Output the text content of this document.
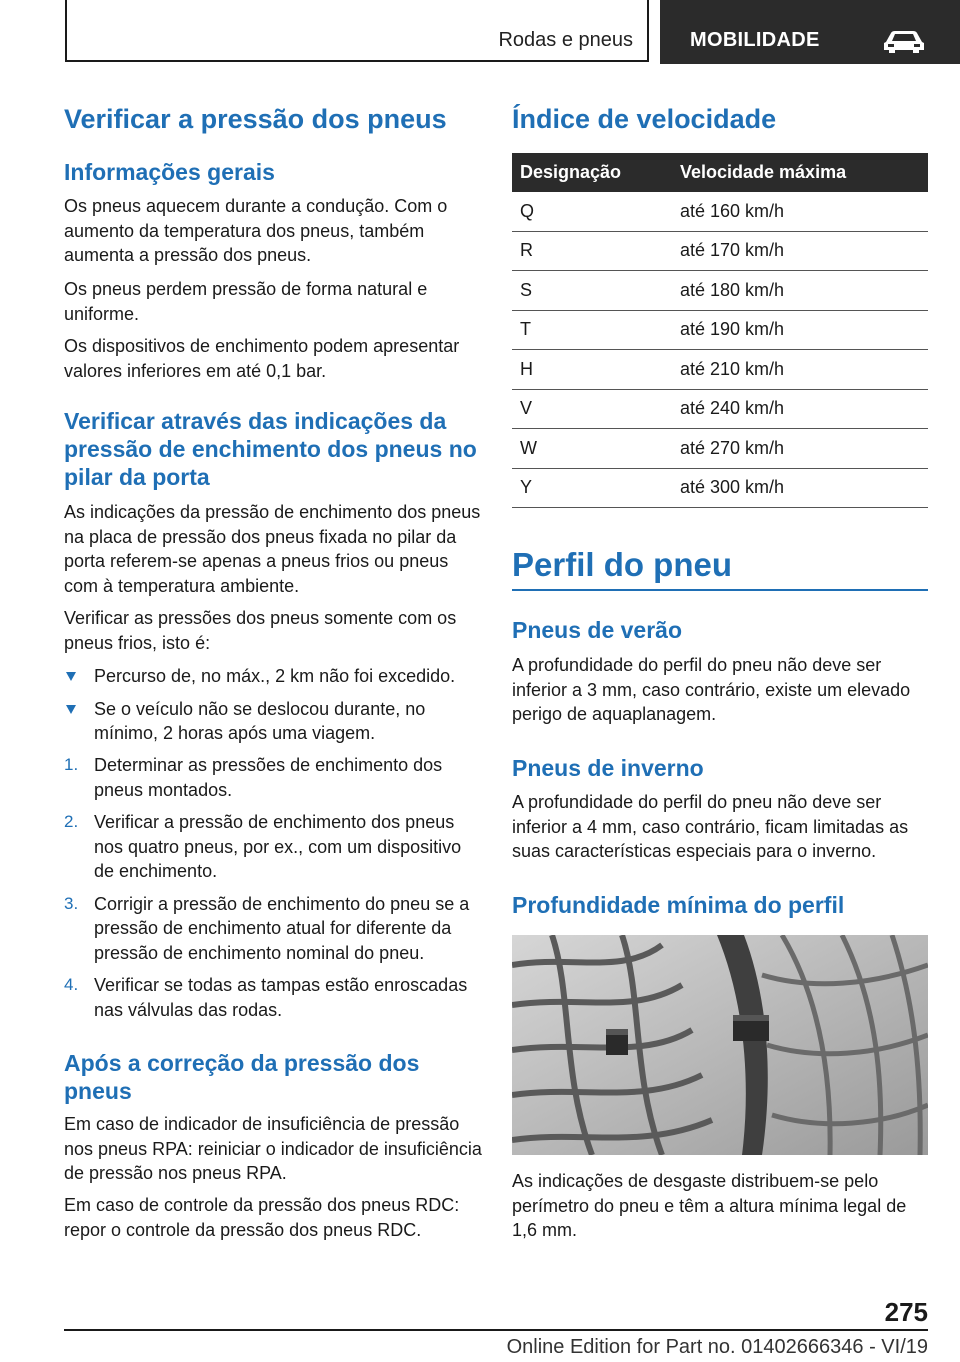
Rodas e pneus	MOBILIDADE
Verificar a pressão dos pneus
Informações gerais

Os pneus aquecem durante a condução. Com o aumento da temperatura dos pneus, também aumenta a pressão dos pneus.

Os pneus perdem pressão de forma natural e uniforme.

Os dispositivos de enchimento podem apresentar valores inferiores em até 0,1 bar.

Verificar através das indicações da pressão de enchimento dos pneus no pilar da porta

As indicações da pressão de enchimento dos pneus na placa de pressão dos pneus fixada no pilar da porta referem-se apenas a pneus frios ou pneus com à temperatura ambiente.

Verificar as pressões dos pneus somente com os pneus frios, isto é:

Percurso de, no máx., 2 km não foi excedido.
Se o veículo não se deslocou durante, no mínimo, 2 horas após uma viagem.
1. Determinar as pressões de enchimento dos pneus montados.
2. Verificar a pressão de enchimento dos pneus nos quatro pneus, por ex., com um dispositivo de enchimento.
3. Corrigir a pressão de enchimento do pneu se a pressão de enchimento atual for diferente da pressão de enchimento nominal do pneu.
4. Verificar se todas as tampas estão enroscadas nas válvulas das rodas.
Após a correção da pressão dos pneus

Em caso de indicador de insuficiência de pressão nos pneus RPA: reiniciar o indicador de insuficiência de pressão nos pneus RPA.

Em caso de controle da pressão dos pneus RDC: repor o controle da pressão dos pneus RDC.

Índice de velocidade
Designação	Velocidade máxima
Q	até 160 km/h
R	até 170 km/h
S	até 180 km/h
T	até 190 km/h
H	até 210 km/h
V	até 240 km/h
W	até 270 km/h
Y	até 300 km/h
Perfil do pneu
Pneus de verão

A profundidade do perfil do pneu não deve ser inferior a 3 mm, caso contrário, existe um elevado perigo de aquaplanagem.

Pneus de inverno

A profundidade do perfil do pneu não deve ser inferior a 4 mm, caso contrário, ficam limitadas as suas características especiais para o inverno.

Profundidade mínima do perfil

As indicações de desgaste distribuem-se pelo perímetro do pneu e têm a altura mínima legal de 1,6 mm.

275
Online Edition for Part no. 01402666346 - VI/19
